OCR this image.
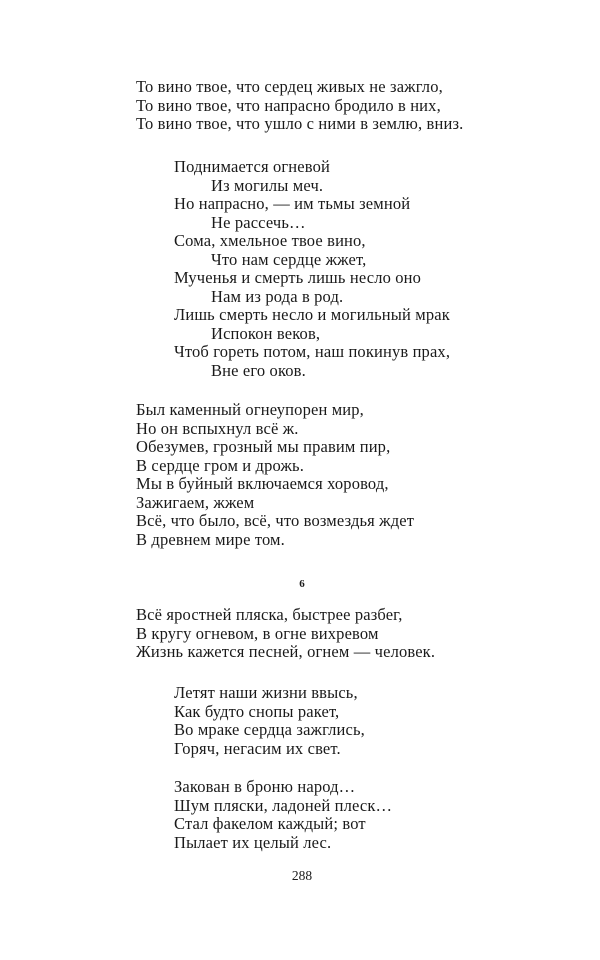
То вино твое, что сердец живых не зажгло,
То вино твое, что напрасно бродило в них,
То вино твое, что ушло с ними в землю, вниз.
Поднимается огневой
Из могилы меч.
Но напрасно, — им тьмы земной
Не рассечь…
Сома, хмельное твое вино,
Что нам сердце жжет,
Мученья и смерть лишь несло оно
Нам из рода в род.
Лишь смерть несло и могильный мрак
Испокон веков,
Чтоб гореть потом, наш покинув прах,
Вне его оков.
Был каменный огнеупорен мир,
Но он вспыхнул всё ж.
Обезумев, грозный мы правим пир,
В сердце гром и дрожь.
Мы в буйный включаемся хоровод,
Зажигаем, жжем
Всё, что было, всё, что возмездья ждет
В древнем мире том.
6
Всё яростней пляска, быстрее разбег,
В кругу огневом, в огне вихревом
Жизнь кажется песней, огнем — человек.
Летят наши жизни ввысь,
Как будто снопы ракет,
Во мраке сердца зажглись,
Горяч, негасим их свет.
Закован в броню народ…
Шум пляски, ладоней плеск…
Стал факелом каждый; вот
Пылает их целый лес.
288
